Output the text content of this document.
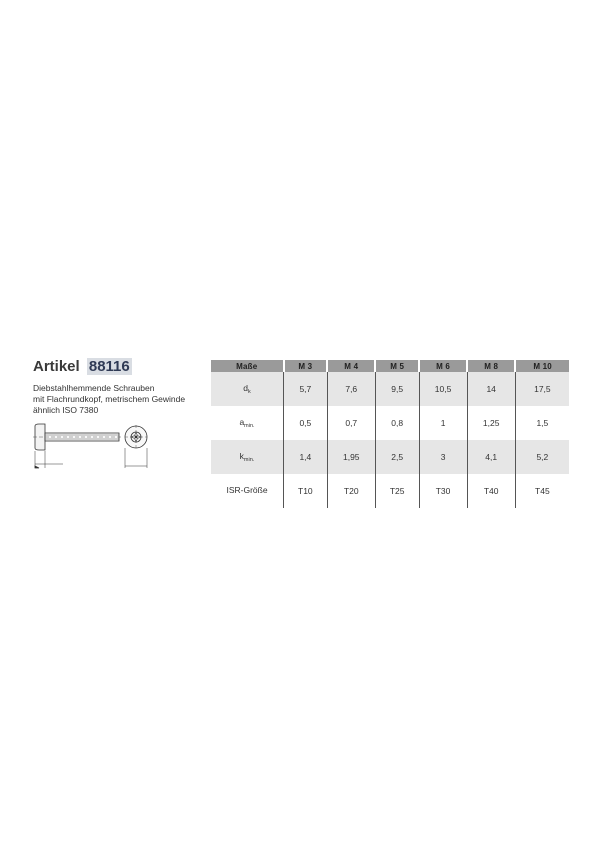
Artikel 88116
Diebstahlhemmende Schrauben
mit Flachrundkopf, metrischem Gewinde
ähnlich ISO 7380
Maße	M 3	M 4	M 5	M 6	M 8	M 10
$d_k$	5,7	7,6	9,5	10,5	14	17,5
$a_{min.}$	0,5	0,7	0,8	1	1,25	1,5
$k_{min.}$	1,4	1,95	2,5	3	4,1	5,2
ISR-Größe	T10	T20	T25	T30	T40	T45
